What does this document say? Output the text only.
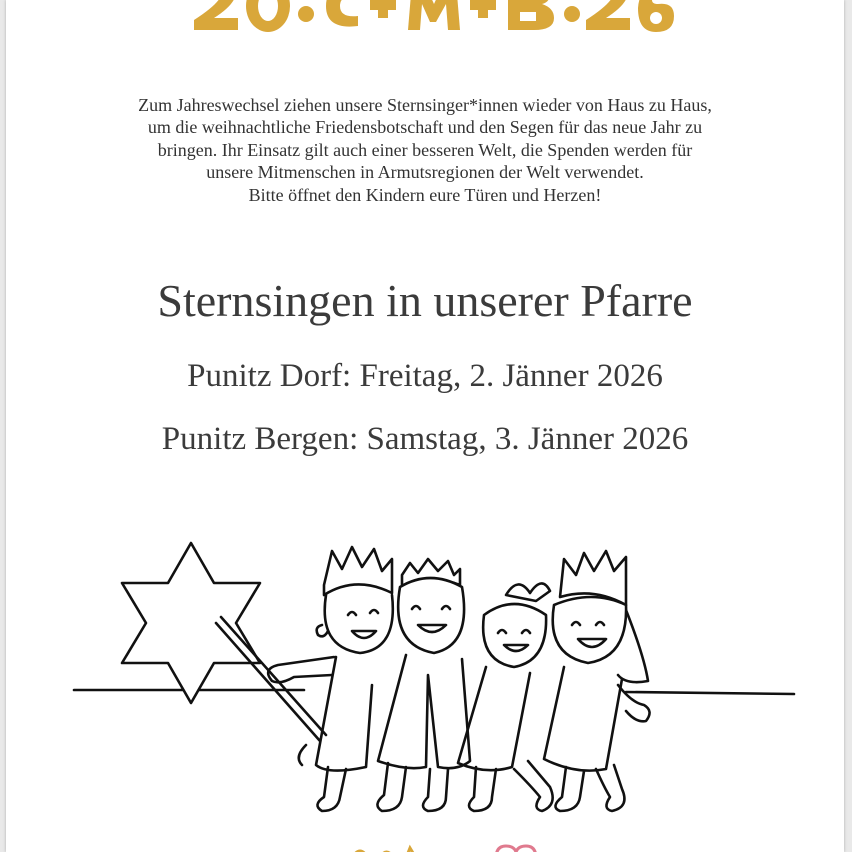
Zum Jahreswechsel ziehen unsere Sternsinger*innen wieder von Haus zu Haus,
um die weihnachtliche Friedensbotschaft und den Segen für das neue Jahr zu
bringen. Ihr Einsatz gilt auch einer besseren Welt, die Spenden werden für
unsere Mitmenschen in Armutsregionen der Welt verwendet.
Bitte öffnet den Kindern eure Türen und Herzen!
Sternsingen in unserer Pfarre
Punitz Dorf: Freitag, 2. Jänner 2026
Punitz Bergen: Samstag, 3. Jänner 2026
